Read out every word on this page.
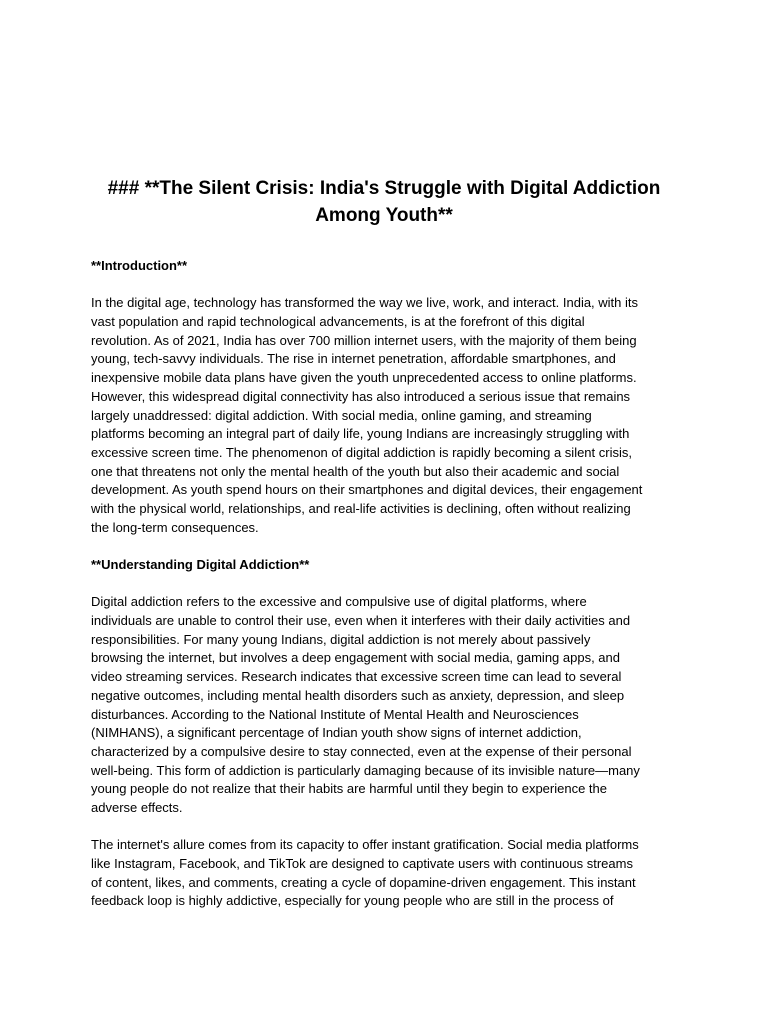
### **The Silent Crisis: India's Struggle with Digital Addiction
Among Youth**

**Introduction**

In the digital age, technology has transformed the way we live, work, and interact. India, with its
vast population and rapid technological advancements, is at the forefront of this digital
revolution. As of 2021, India has over 700 million internet users, with the majority of them being
young, tech-savvy individuals. The rise in internet penetration, affordable smartphones, and
inexpensive mobile data plans have given the youth unprecedented access to online platforms.
However, this widespread digital connectivity has also introduced a serious issue that remains
largely unaddressed: digital addiction. With social media, online gaming, and streaming
platforms becoming an integral part of daily life, young Indians are increasingly struggling with
excessive screen time. The phenomenon of digital addiction is rapidly becoming a silent crisis,
one that threatens not only the mental health of the youth but also their academic and social
development. As youth spend hours on their smartphones and digital devices, their engagement
with the physical world, relationships, and real-life activities is declining, often without realizing
the long-term consequences.

**Understanding Digital Addiction**

Digital addiction refers to the excessive and compulsive use of digital platforms, where
individuals are unable to control their use, even when it interferes with their daily activities and
responsibilities. For many young Indians, digital addiction is not merely about passively
browsing the internet, but involves a deep engagement with social media, gaming apps, and
video streaming services. Research indicates that excessive screen time can lead to several
negative outcomes, including mental health disorders such as anxiety, depression, and sleep
disturbances. According to the National Institute of Mental Health and Neurosciences
(NIMHANS), a significant percentage of Indian youth show signs of internet addiction,
characterized by a compulsive desire to stay connected, even at the expense of their personal
well-being. This form of addiction is particularly damaging because of its invisible nature—many
young people do not realize that their habits are harmful until they begin to experience the
adverse effects.

The internet's allure comes from its capacity to offer instant gratification. Social media platforms
like Instagram, Facebook, and TikTok are designed to captivate users with continuous streams
of content, likes, and comments, creating a cycle of dopamine-driven engagement. This instant
feedback loop is highly addictive, especially for young people who are still in the process of
